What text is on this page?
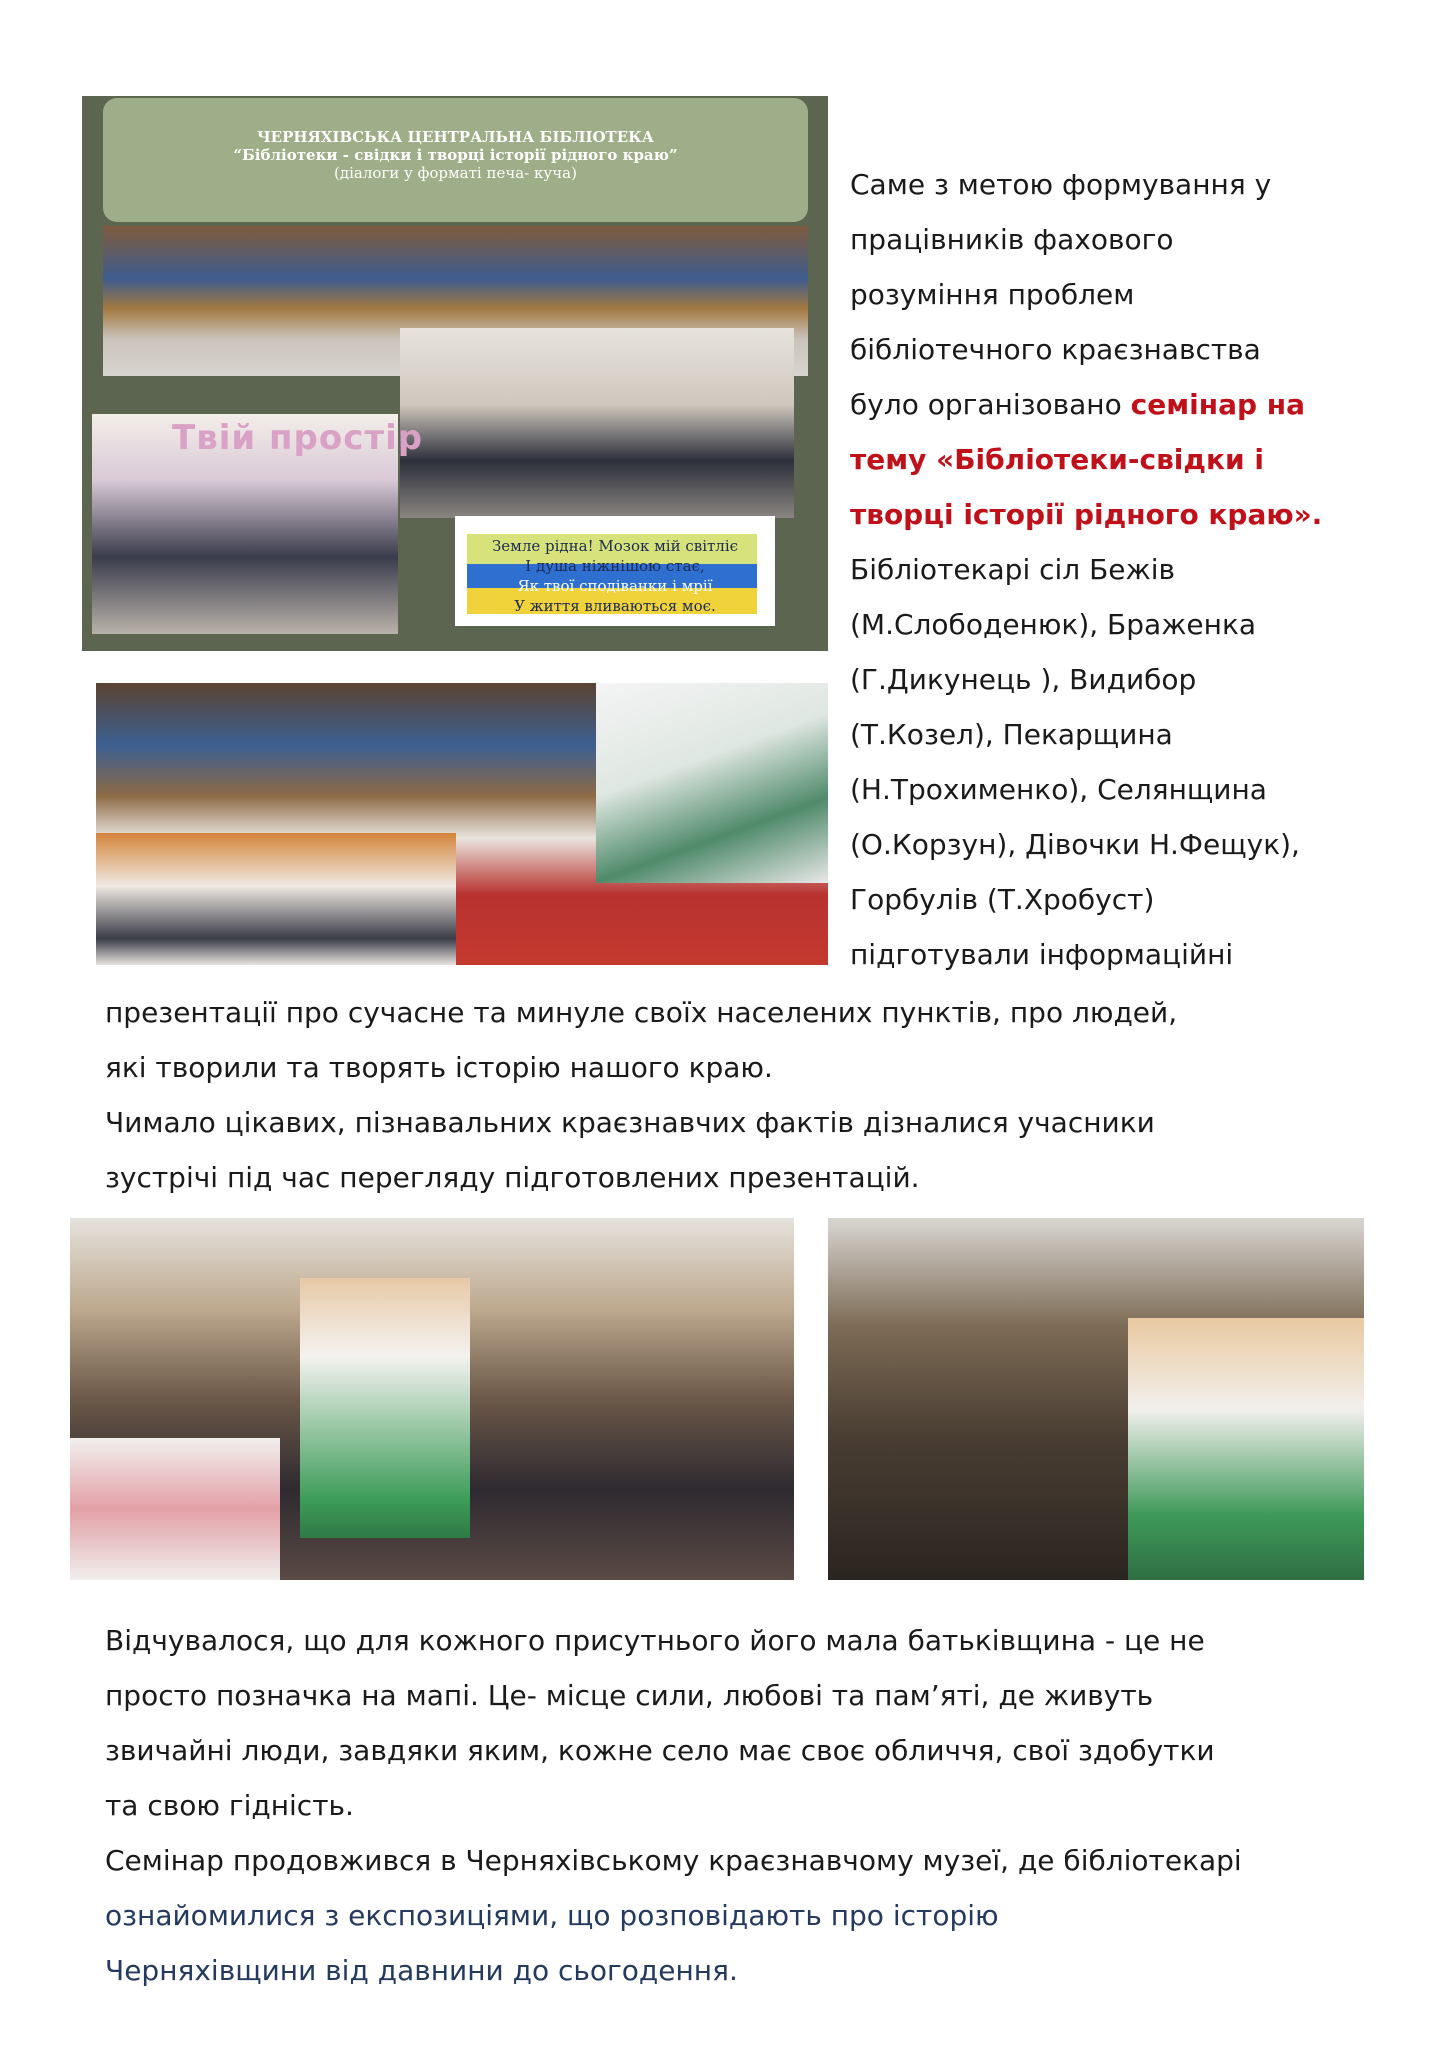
Твій простір
ЧЕРНЯХІВСЬКА ЦЕНТРАЛЬНА БІБЛІОТЕКА
“Бібліотеки - свідки і творці історії рідного краю”
(діалоги у форматі печа- куча)
Земле рідна! Мозок мій світліє
І душа ніжнішою стає,
Як твої сподіванки і мрії
У життя вливаються моє.
Саме з метою формування у
працівників фахового
розуміння проблем
бібліотечного краєзнавства
було організовано семінар на
тему «Бібліотеки-свідки і
творці історії рідного краю».
Бібліотекарі сіл Бежів
(М.Слободенюк), Браженка
(Г.Дикунець ), Видибор
(Т.Козел), Пекарщина
(Н.Трохименко), Селянщина
(О.Корзун), Дівочки Н.Фещук),
Горбулів (Т.Хробуст)
підготували інформаційні
презентації про сучасне та минуле своїх населених пунктів, про людей,
які творили та творять історію нашого краю.
Чимало цікавих, пізнавальних краєзнавчих фактів дізналися учасники
зустрічі під час перегляду підготовлених презентацій.
Відчувалося, що для кожного присутнього його мала батьківщина - це не
просто позначка на мапі. Це- місце сили, любові та пам’яті, де живуть
звичайні люди, завдяки яким, кожне село має своє обличчя, свої здобутки
та свою гідність.
Семінар продовжився в Черняхівському краєзнавчому музеї, де бібліотекарі
ознайомилися з експозиціями, що розповідають про історію
Черняхівщини від давнини до сьогодення.
